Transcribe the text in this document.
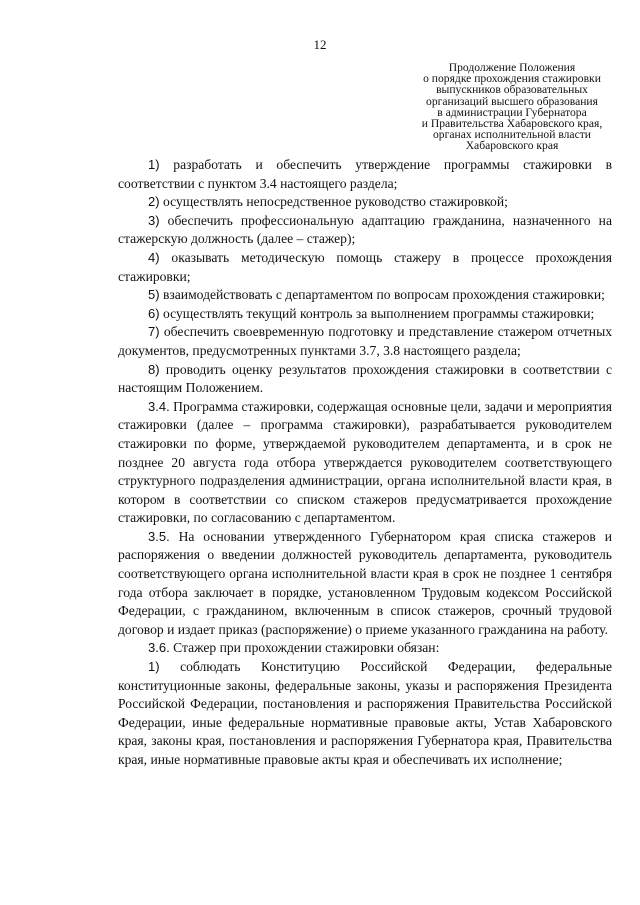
12
Продолжение Положения
о порядке прохождения стажировки
выпускников образовательных
организаций высшего образования
в администрации Губернатора
и Правительства Хабаровского края,
органах исполнительной власти
Хабаровского края

1) разработать и обеспечить утверждение программы стажировки в соответствии с пунктом 3.4 настоящего раздела;

2) осуществлять непосредственное руководство стажировкой;

3) обеспечить профессиональную адаптацию гражданина, назначенного на стажерскую должность (далее – стажер);

4) оказывать методическую помощь стажеру в процессе прохождения стажировки;

5) взаимодействовать с департаментом по вопросам прохождения стажировки;

6) осуществлять текущий контроль за выполнением программы стажировки;

7) обеспечить своевременную подготовку и представление стажером отчетных документов, предусмотренных пунктами 3.7, 3.8 настоящего раздела;

8) проводить оценку результатов прохождения стажировки в соответствии с настоящим Положением.

3.4. Программа стажировки, содержащая основные цели, задачи и мероприятия стажировки (далее – программа стажировки), разрабатывается руководителем стажировки по форме, утверждаемой руководителем департамента, и в срок не позднее 20 августа года отбора утверждается руководителем соответствующего структурного подразделения администрации, органа исполнительной власти края, в котором в соответствии со списком стажеров предусматривается прохождение стажировки, по согласованию с департаментом.

3.5. На основании утвержденного Губернатором края списка стажеров и распоряжения о введении должностей руководитель департамента, руководитель соответствующего органа исполнительной власти края в срок не позднее 1 сентября года отбора заключает в порядке, установленном Трудовым кодексом Российской Федерации, с гражданином, включенным в список стажеров, срочный трудовой договор и издает приказ (распоряжение) о приеме указанного гражданина на работу.

3.6. Стажер при прохождении стажировки обязан:

1) соблюдать Конституцию Российской Федерации, федеральные конституционные законы, федеральные законы, указы и распоряжения Президента Российской Федерации, постановления и распоряжения Правительства Российской Федерации, иные федеральные нормативные правовые акты, Устав Хабаровского края, законы края, постановления и распоряжения Губернатора края, Правительства края, иные нормативные правовые акты края и обеспечивать их исполнение;
